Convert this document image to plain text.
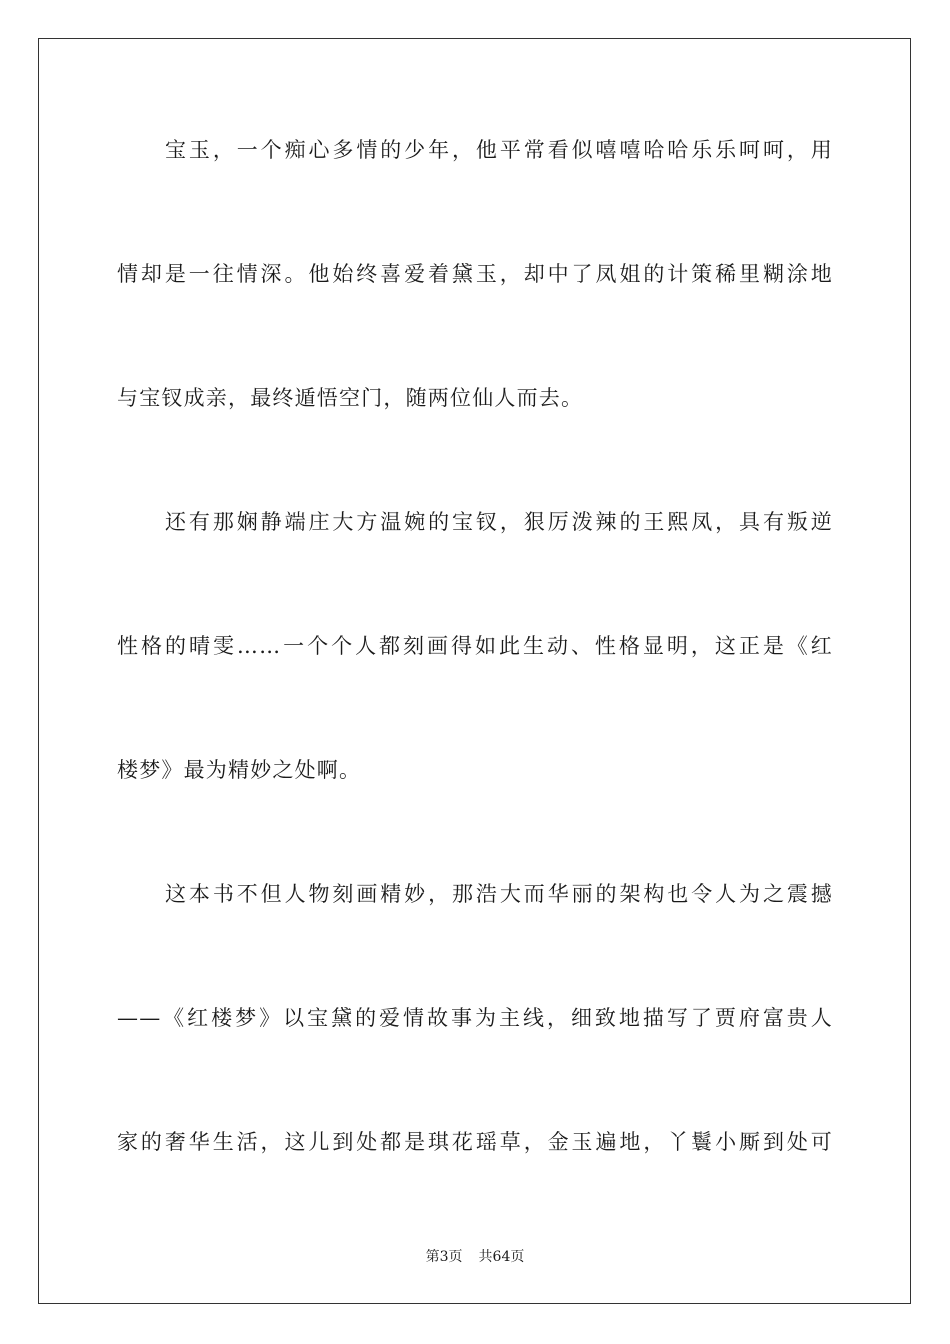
宝玉，一个痴心多情的少年，他平常看似嘻嘻哈哈乐乐呵呵，用
情却是一往情深。他始终喜爱着黛玉，却中了凤姐的计策稀里糊涂地
与宝钗成亲，最终遁悟空门，随两位仙人而去。
还有那娴静端庄大方温婉的宝钗，狠厉泼辣的王熙凤，具有叛逆
性格的晴雯……一个个人都刻画得如此生动、性格显明，这正是《红
楼梦》最为精妙之处啊。
这本书不但人物刻画精妙，那浩大而华丽的架构也令人为之震撼
——《红楼梦》以宝黛的爱情故事为主线，细致地描写了贾府富贵人
家的奢华生活，这儿到处都是琪花瑶草，金玉遍地，丫鬟小厮到处可
第3页 共64页
